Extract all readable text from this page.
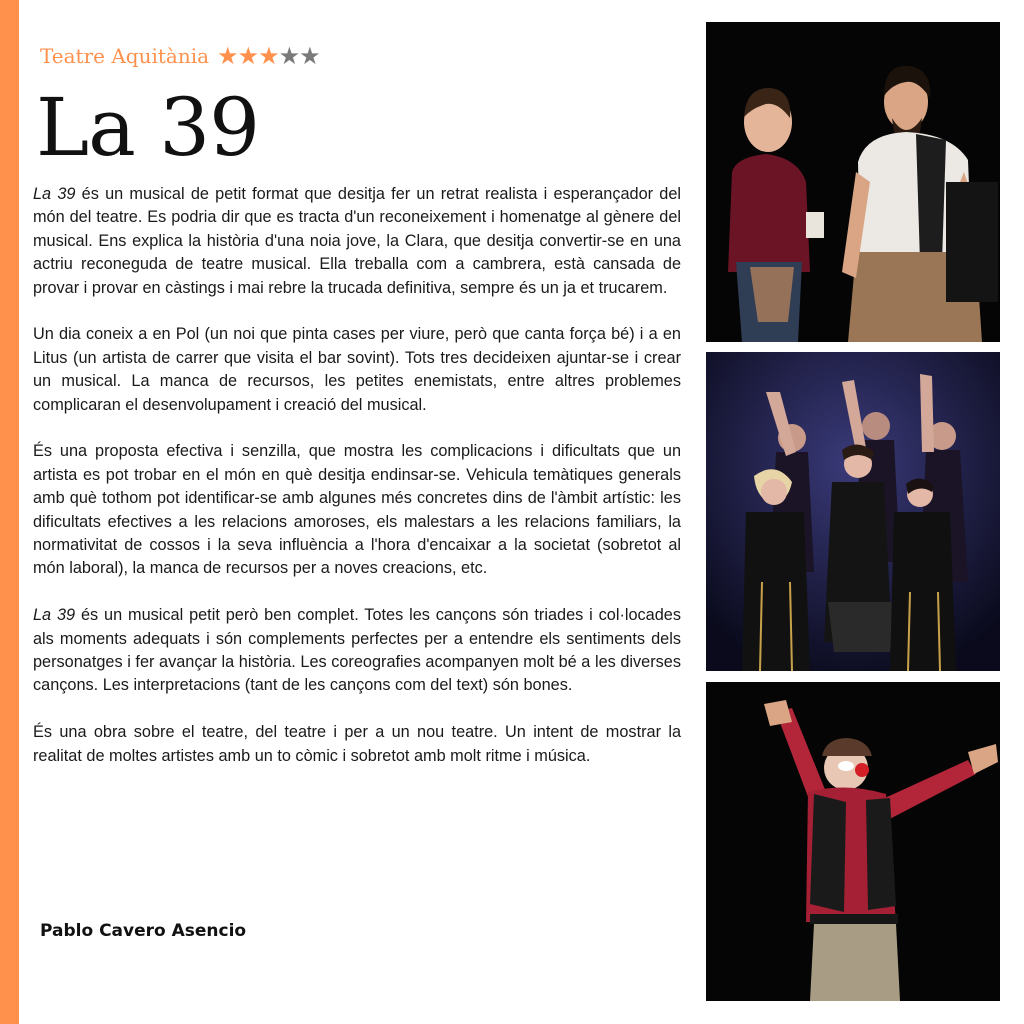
Teatre Aquitània ★★★★★
La 39

La 39 és un musical de petit format que desitja fer un retrat realista i esperançador del món del teatre. Es podria dir que es tracta d'un reconeixement i homenatge al gènere del musical. Ens explica la història d'una noia jove, la Clara, que desitja convertir-se en una actriu reconeguda de teatre musical. Ella treballa com a cambrera, està cansada de provar i provar en càstings i mai rebre la trucada definitiva, sempre és un ja et trucarem.

Un dia coneix a en Pol (un noi que pinta cases per viure, però que canta força bé) i a en Litus (un artista de carrer que visita el bar sovint). Tots tres decideixen ajuntar-se i crear un musical. La manca de recursos, les petites enemistats, entre altres problemes complicaran el desenvolupament i creació del musical.

És una proposta efectiva i senzilla, que mostra les complicacions i dificultats que un artista es pot trobar en el món en què desitja endinsar-se. Vehicula temàtiques generals amb què tothom pot identificar-se amb algunes més concretes dins de l'àmbit artístic: les dificultats efectives a les relacions amoroses, els malestars a les relacions familiars, la normativitat de cossos i la seva influència a l'hora d'encaixar a la societat (sobretot al món laboral), la manca de recursos per a noves creacions, etc.

La 39 és un musical petit però ben complet. Totes les cançons són triades i col·locades als moments adequats i són complements perfectes per a entendre els sentiments dels personatges i fer avançar la història. Les coreografies acompanyen molt bé a les diverses cançons. Les interpretacions (tant de les cançons com del text) són bones.

És una obra sobre el teatre, del teatre i per a un nou teatre. Un intent de mostrar la realitat de moltes artistes amb un to còmic i sobretot amb molt ritme i música.

Pablo Cavero Asencio
